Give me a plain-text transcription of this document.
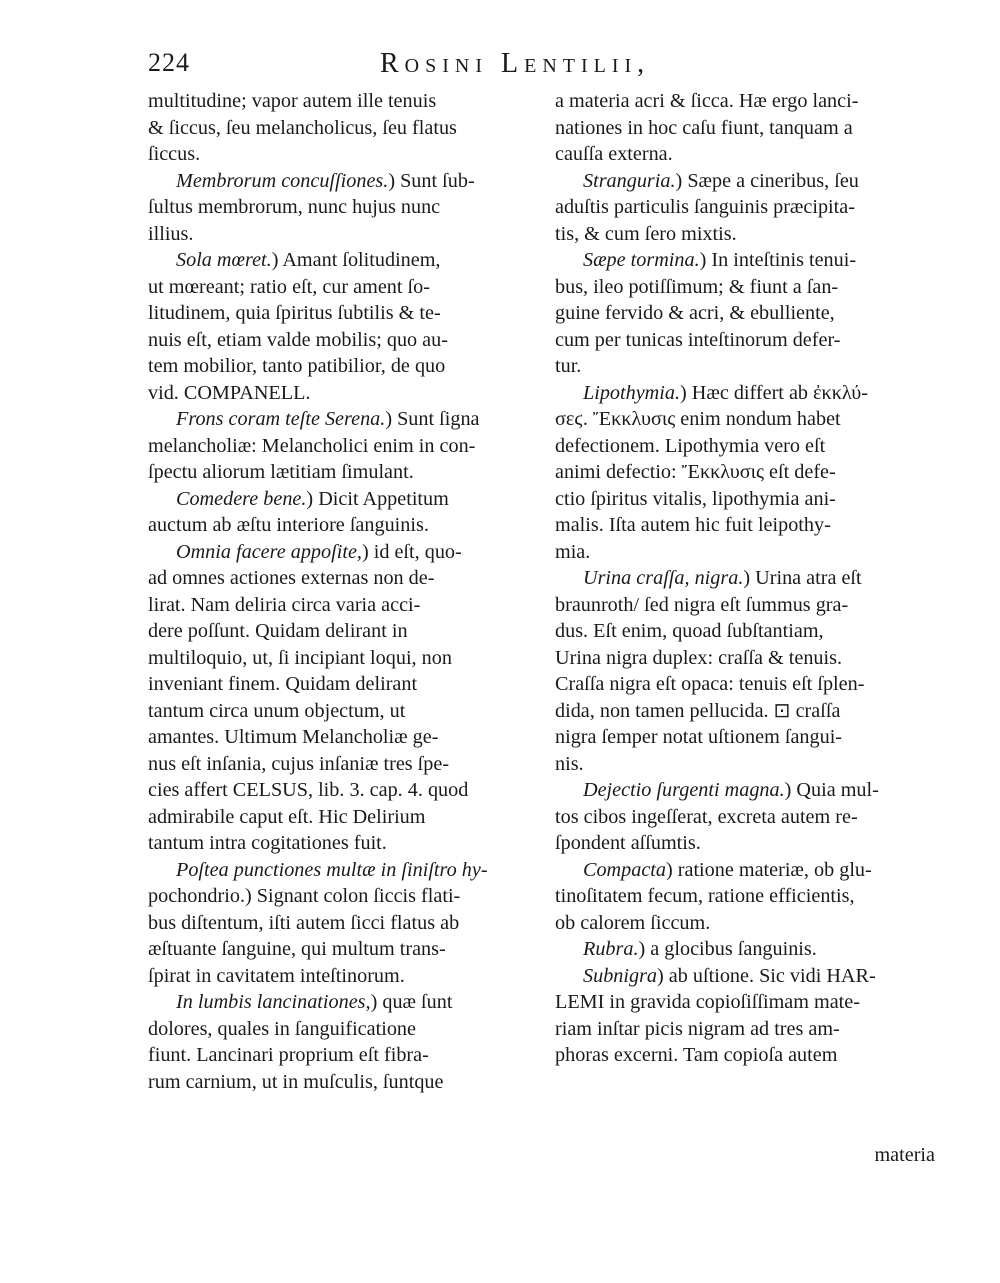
224	Rosini Lentilii,
multitudine; vapor autem ille tenuis
& ſiccus, ſeu melancholicus, ſeu flatus
ſiccus.
Membrorum concuſſiones.) Sunt ſub-
ſultus membrorum, nunc hujus nunc
illius.
Sola mœret.) Amant ſolitudinem,
ut mœreant; ratio eſt, cur ament ſo-
litudinem, quia ſpiritus ſubtilis & te-
nuis eſt, etiam valde mobilis; quo au-
tem mobilior, tanto patibilior, de quo
vid. COMPANELL.
Frons coram teſte Serena.) Sunt ſigna
melancholiæ: Melancholici enim in con-
ſpectu aliorum lætitiam ſimulant.
Comedere bene.) Dicit Appetitum
auctum ab æſtu interiore ſanguinis.
Omnia facere appoſite,) id eſt, quo-
ad omnes actiones externas non de-
lirat. Nam deliria circa varia acci-
dere poſſunt. Quidam delirant in
multiloquio, ut, ſi incipiant loqui, non
inveniant finem. Quidam delirant
tantum circa unum objectum, ut
amantes. Ultimum Melancholiæ ge-
nus eſt inſania, cujus inſaniæ tres ſpe-
cies affert CELSUS, lib. 3. cap. 4. quod
admirabile caput eſt. Hic Delirium
tantum intra cogitationes fuit.
Poſtea punctiones multæ in ſiniſtro hy-
pochondrio.) Signant colon ſiccis flati-
bus diſtentum, iſti autem ſicci flatus ab
æſtuante ſanguine, qui multum trans-
ſpirat in cavitatem inteſtinorum.
In lumbis lancinationes,) quæ ſunt
dolores, quales in ſanguificatione
fiunt. Lancinari proprium eſt fibra-
rum carnium, ut in muſculis, ſuntque
a materia acri & ſicca. Hæ ergo lanci-
nationes in hoc caſu fiunt, tanquam a
cauſſa externa.
Stranguria.) Sæpe a cineribus, ſeu
aduſtis particulis ſanguinis præcipita-
tis, & cum ſero mixtis.
Sæpe tormina.) In inteſtinis tenui-
bus, ileo potiſſimum; & fiunt a ſan-
guine fervido & acri, & ebulliente,
cum per tunicas inteſtinorum defer-
tur.
Lipothymia.) Hæc differt ab ἐκκλύ-
σεϛ. Ἔκκλυσις enim nondum habet
defectionem. Lipothymia vero eſt
animi defectio: Ἔκκλυσις eſt defe-
ctio ſpiritus vitalis, lipothymia ani-
malis. Iſta autem hic fuit leipothy-
mia.
Urina craſſa, nigra.) Urina atra eſt
braunroth/ ſed nigra eſt ſummus gra-
dus. Eſt enim, quoad ſubſtantiam,
Urina nigra duplex: craſſa & tenuis.
Craſſa nigra eſt opaca: tenuis eſt ſplen-
dida, non tamen pellucida. ⊡ craſſa
nigra ſemper notat uſtionem ſangui-
nis.
Dejectio ſurgenti magna.) Quia mul-
tos cibos ingeſſerat, excreta autem re-
ſpondent aſſumtis.
Compacta) ratione materiæ, ob glu-
tinoſitatem fecum, ratione efficientis,
ob calorem ſiccum.
Rubra.) a glocibus ſanguinis.
Subnigra) ab uſtione. Sic vidi HAR-
LEMI in gravida copioſiſſimam mate-
riam inſtar picis nigram ad tres am-
phoras excerni. Tam copioſa autem
materia
